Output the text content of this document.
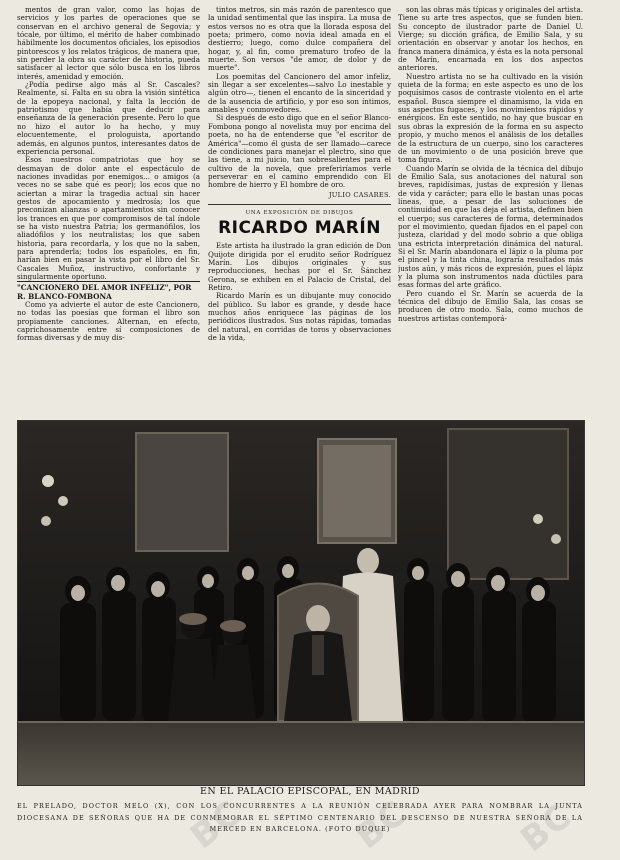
mentos de gran valor, como las hojas de servicios y los partes de operaciones que se conservan en el archivo general de Segovia; y tócale, por último, el mérito de haber combinado hábilmente los documentos oficiales, los episodios pintorescos y los relatos trágicos, de manera que, sin perder la obra su carácter de historia, pueda satisfacer al lector que sólo busca en los libros interés, amenidad y emoción.

¿Podía pedirse algo más al Sr. Cascales? Realmente, sí. Falta en su obra la visión sintética de la epopeya nacional, y falta la lección de patriotismo que había que deducir para enseñanza de la generación presente. Pero lo que no hizo el autor lo ha hecho, y muy elocuentemente, el prologuista, aportando además, en algunos puntos, interesantes datos de experiencia personal.

Esos nuestros compatriotas que hoy se desmayan de dolor ante el espectáculo de naciones invadidas por enemigos... o amigos (a veces no se sabe qué es peor); los ecos que no aciertan a mirar la tragedia actual sin hacer gestos de apocamiento y medrosía; los que preconizan alianzas o apartamientos sin conocer los trances en que por compromisos de tal índole se ha visto nuestra Patria; los germanófilos, los aliadófilos y los neutralistas; los que saben historia, para recordarla, y los que no la saben, para aprenderla; todos los españoles, en fin, harían bien en pasar la vista por el libro del Sr. Cascales Muñoz, instructivo, confortante y singularmente oportuno.

"CANCIONERO DEL AMOR INFELIZ", POR R. BLANCO-FOMBONA

Como ya advierte el autor de este Cancionero, no todas las poesías que forman el libro son propiamente canciones. Alternan, en efecto, caprichosamente entre sí composiciones de formas diversas y de muy dis-

tintos metros, sin más razón de parentesco que la unidad sentimental que las inspira. La musa de estos versos no es otra que la llorada esposa del poeta; primero, como novia ideal amada en el destierro; luego, como dulce compañera del hogar, y, al fin, como prematuro trofeo de la muerte. Son versos "de amor, de dolor y de muerte".

Los poemitas del Cancionero del amor infeliz, sin llegar a ser excelentes—salvo Lo inestable y algún otro—, tienen el encanto de la sinceridad y de la ausencia de artificio, y por eso son íntimos, amables y conmovedores.

Si después de esto digo que en el señor Blanco-Fombona pongo al novelista muy por encima del poeta, no ha de entenderse que "el escritor de América"—como él gusta de ser llamado—carece de condiciones para manejar el plectro, sino que las tiene, a mi juicio, tan sobresalientes para el cultivo de la novela, que preferiríamos verle perseverar en el camino emprendido con El hombre de hierro y El hombre de oro.

JULIO CASARES.

UNA EXPOSICIÓN DE DIBUJOS

RICARDO MARÍN

Este artista ha ilustrado la gran edición de Don Quijote dirigida por el erudito señor Rodríguez Marín. Los dibujos originales y sus reproducciones, hechas por el Sr. Sánchez Gerona, se exhiben en el Palacio de Cristal, del Retiro.

Ricardo Marín es un dibujante muy conocido del público. Su labor es grande, y desde hace muchos años enriquece las páginas de los periódicos ilustrados. Sus notas rápidas, tomadas del natural, en corridas de toros y observaciones de la vida,

son las obras más típicas y originales del artista. Tiene su arte tres aspectos, que se funden bien. Su concepto de ilustrador parte de Daniel U. Vierge; su dicción gráfica, de Emilio Sala, y su orientación en observar y anotar los hechos, en franca manera dinámica, y ésta es la nota personal de Marín, encarnada en los dos aspectos anteriores.

Nuestro artista no se ha cultivado en la visión quieta de la forma; en este aspecto es uno de los poquísimos casos de contraste violento en el arte español. Busca siempre el dinamismo, la vida en sus aspectos fugaces, y los movimientos rápidos y enérgicos. En este sentido, no hay que buscar en sus obras la expresión de la forma en su aspecto propio, y mucho menos el análisis de los detalles de la estructura de un cuerpo, sino los caracteres de un movimiento o de una posición breve que toma figura.

Cuando Marín se olvida de la técnica del dibujo de Emilio Sala, sus anotaciones del natural son breves, rapidísimas, justas de expresión y llenas de vida y carácter; para ello le bastan unas pocas líneas, que, a pesar de las soluciones de continuidad en que las deja el artista, definen bien el cuerpo; sus caracteres de forma, determinados por el movimiento, quedan fijados en el papel con justeza, claridad y del modo sobrio a que obliga una estricta interpretación dinámica del natural. Si el Sr. Marín abandonara el lápiz o la pluma por el pincel y la tinta china, lograría resultados más justos aún, y más ricos de expresión, pues el lápiz y la pluma son instrumentos nada dúctiles para esas formas del arte gráfico.

Pero cuando el Sr. Marín se acuerda de la técnica del dibujo de Emilio Sala, las cosas se producen de otro modo. Sala, como muchos de nuestros artistas contemporá-

EN EL PALACIO EPISCOPAL, EN MADRID
EL PRELADO, DOCTOR MELO (X), CON LOS CONCURRENTES A LA REUNIÓN CELEBRADA AYER PARA NOMBRAR LA JUNTA DIOCESANA DE SEÑORAS QUE HA DE CONMEMORAR EL SÉPTIMO CENTENARIO DEL DESCENSO DE NUESTRA SEÑORA DE LA MERCED EN BARCELONA. (FOTO DUQUE)
BC	BC	BC
